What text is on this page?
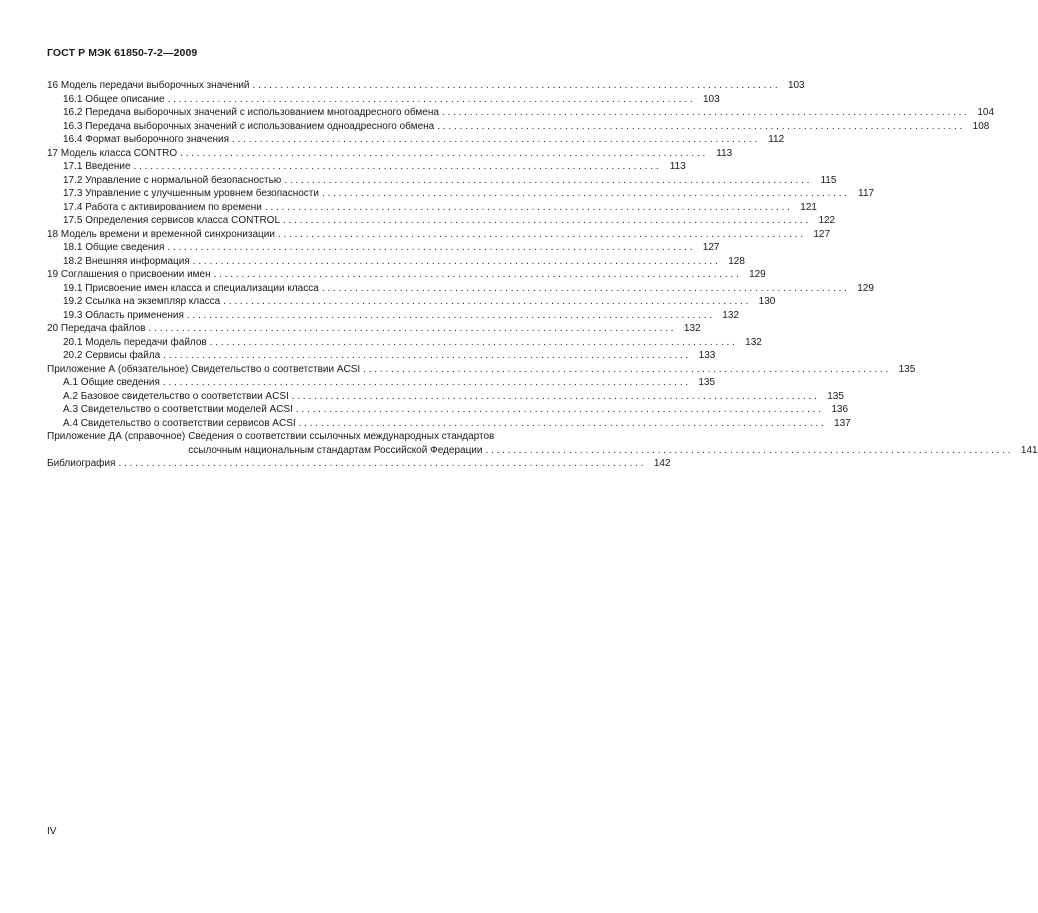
ГОСТ Р МЭК 61850-7-2—2009
16 Модель передачи выборочных значений . . .	103
16.1 Общее описание . . .	103
16.2 Передача выборочных значений с использованием многоадресного обмена . . .	104
16.3 Передача выборочных значений с использованием одноадресного обмена . . .	108
16.4 Формат выборочного значения . . .	112
17 Модель класса CONTRO . . .	113
17.1 Введение . . .	113
17.2 Управление с нормальной безопасностью . . .	115
17.3 Управление с улучшенным уровнем безопасности . . .	117
17.4 Работа с активированием по времени . . .	121
17.5 Определения сервисов класса CONTROL . . .	122
18 Модель времени и временной синхронизации . . .	127
18.1 Общие сведения . . .	127
18.2 Внешняя информация . . .	128
19 Соглашения о присвоении имен . . .	129
19.1 Присвоение имен класса и специализации класса . . .	129
19.2 Ссылка на экземпляр класса . . .	130
19.3 Область применения . . .	132
20 Передача файлов . . .	132
20.1 Модель передачи файлов . . .	132
20.2 Сервисы файла . . .	133
Приложение А (обязательное) Свидетельство о соответствии ACSI . . .	135
А.1 Общие сведения . . .	135
А.2 Базовое свидетельство о соответствии ACSI . . .	135
А.3 Свидетельство о соответствии моделей ACSI . . .	136
А.4 Свидетельство о соответствии сервисов ACSI . . .	137
Приложение ДА (справочное) Сведения о соответствии ссылочных международных стандартов
ссылочным национальным стандартам Российской Федерации . . .	141
Библиография . . .	142
IV
